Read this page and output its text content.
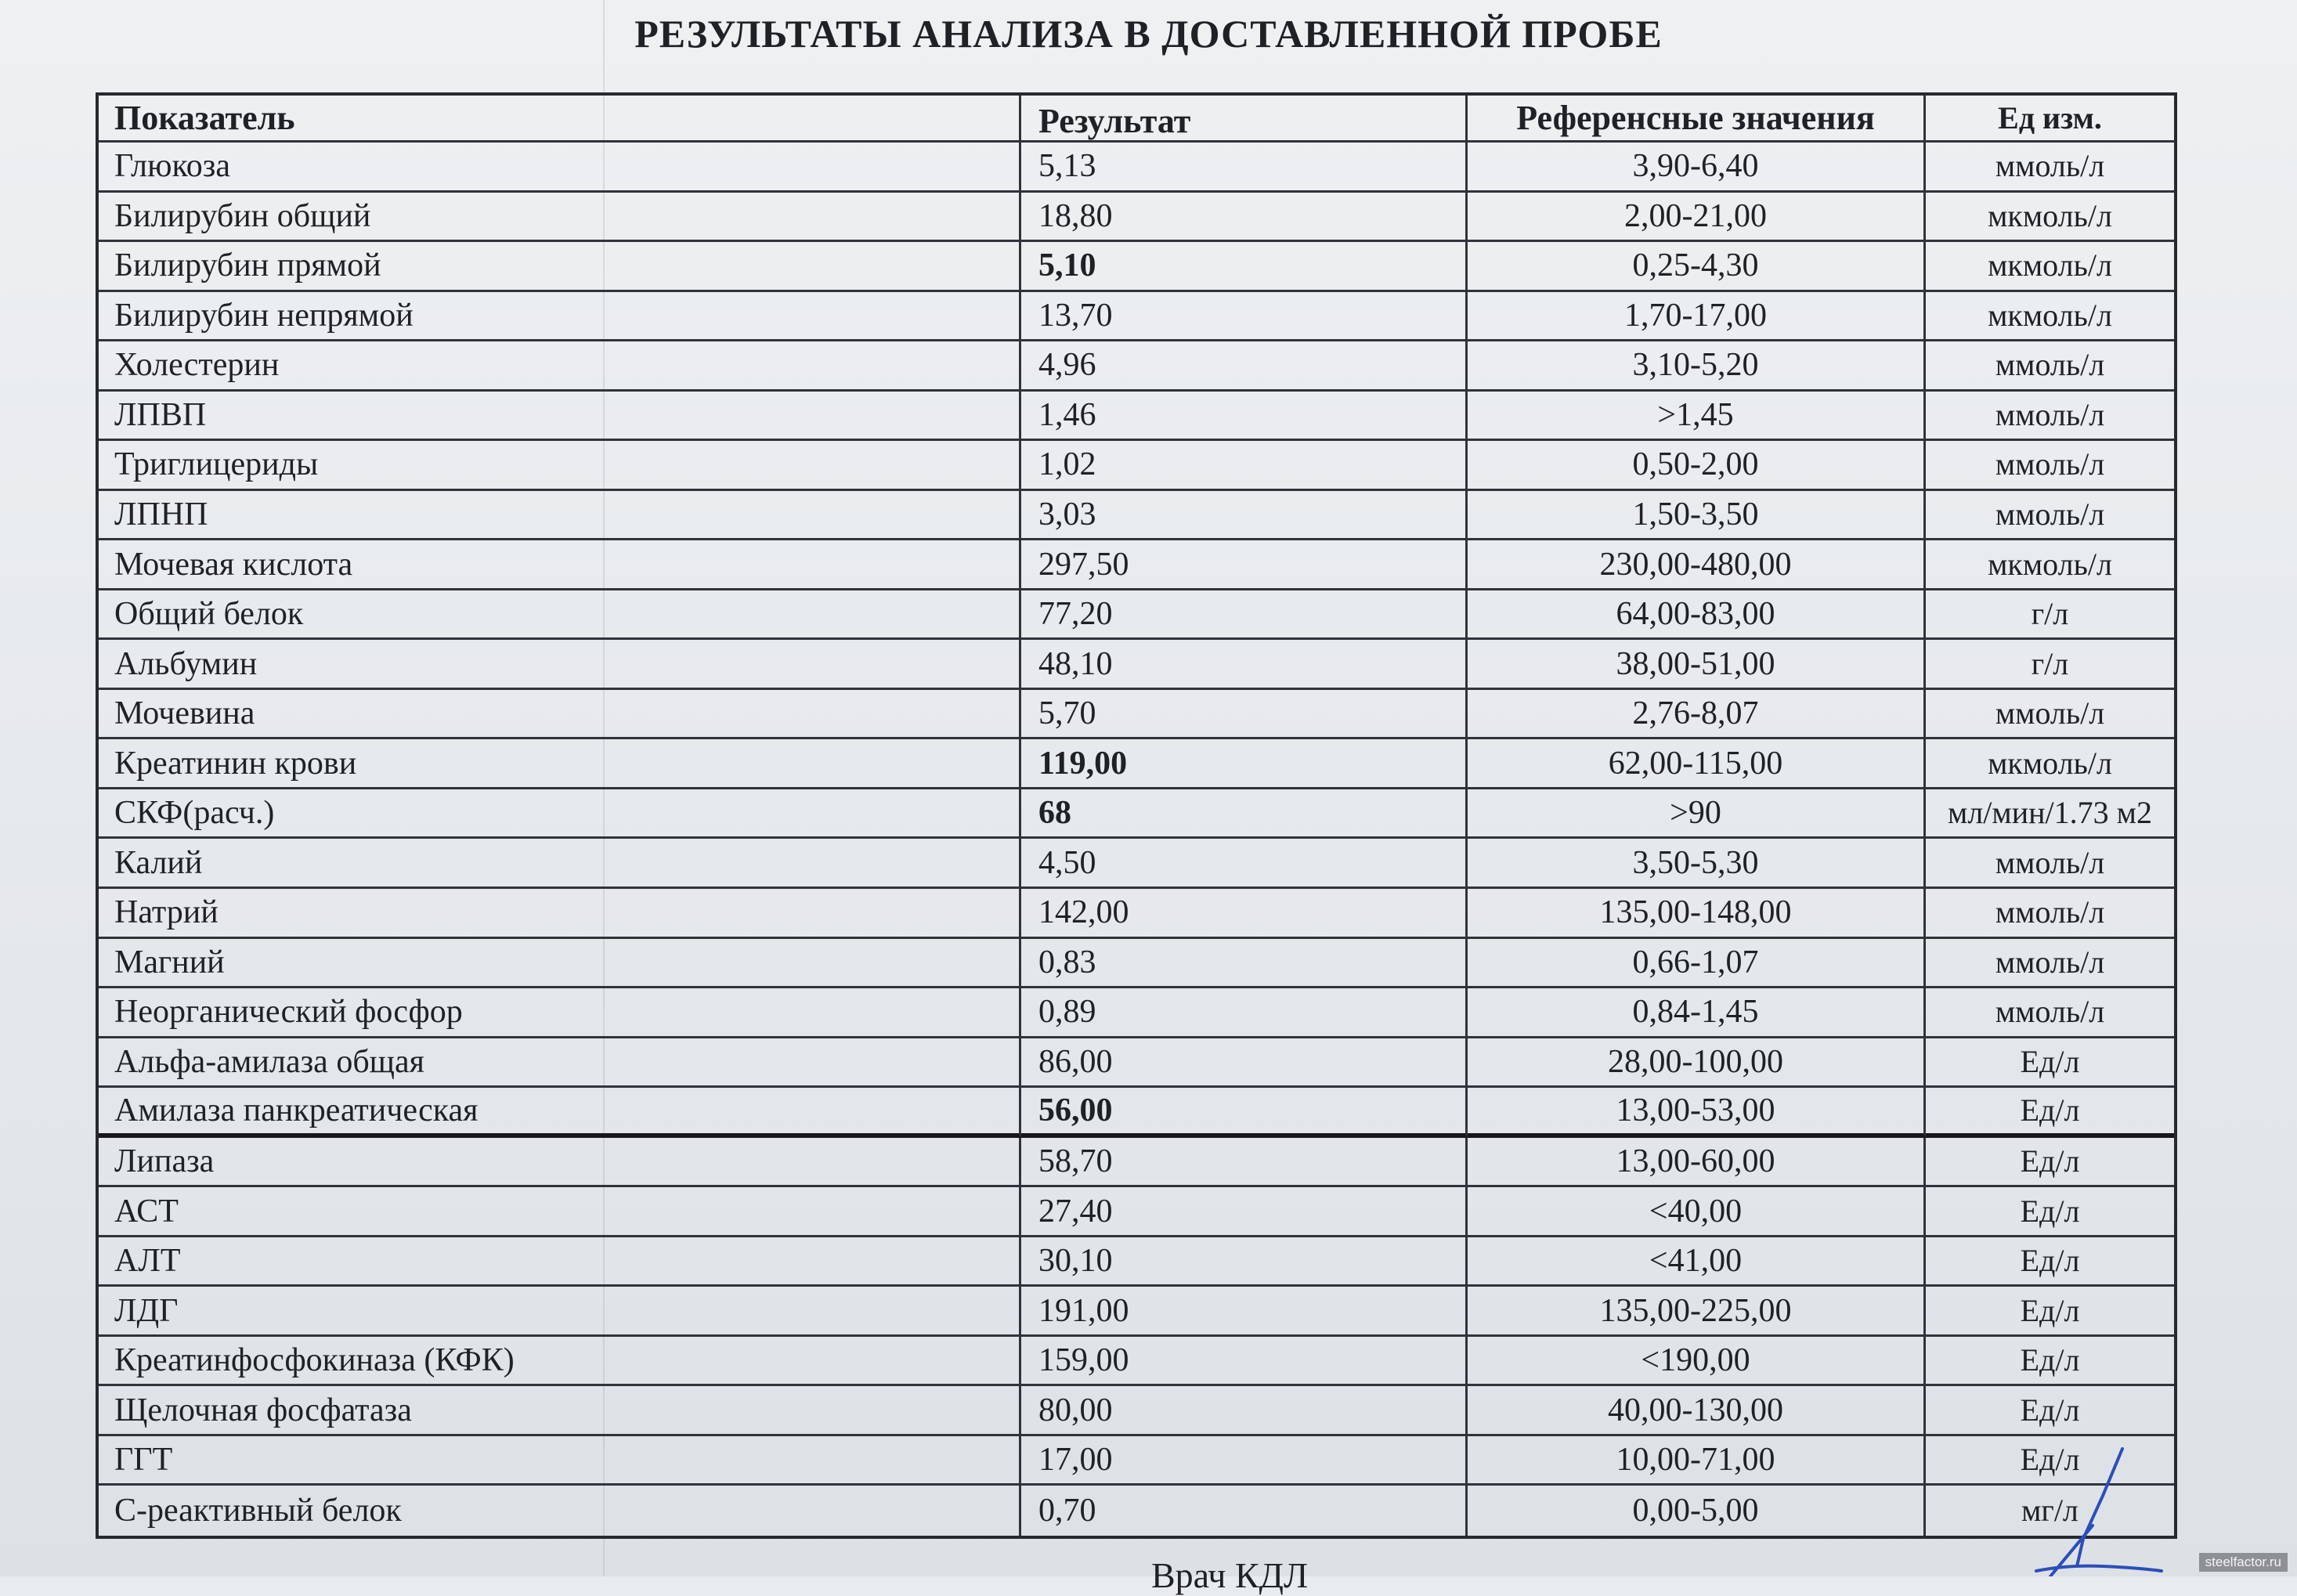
РЕЗУЛЬТАТЫ АНАЛИЗА В ДОСТАВЛЕННОЙ ПРОБЕ
Показатель	Результат	Референсные значения	Ед изм.
Глюкоза	5,13	3,90-6,40	ммоль/л
Билирубин общий	18,80	2,00-21,00	мкмоль/л
Билирубин прямой	5,10	0,25-4,30	мкмоль/л
Билирубин непрямой	13,70	1,70-17,00	мкмоль/л
Холестерин	4,96	3,10-5,20	ммоль/л
ЛПВП	1,46	>1,45	ммоль/л
Триглицериды	1,02	0,50-2,00	ммоль/л
ЛПНП	3,03	1,50-3,50	ммоль/л
Мочевая кислота	297,50	230,00-480,00	мкмоль/л
Общий белок	77,20	64,00-83,00	г/л
Альбумин	48,10	38,00-51,00	г/л
Мочевина	5,70	2,76-8,07	ммоль/л
Креатинин крови	119,00	62,00-115,00	мкмоль/л
СКФ(расч.)	68	>90	мл/мин/1.73 м2
Калий	4,50	3,50-5,30	ммоль/л
Натрий	142,00	135,00-148,00	ммоль/л
Магний	0,83	0,66-1,07	ммоль/л
Неорганический фосфор	0,89	0,84-1,45	ммоль/л
Альфа-амилаза общая	86,00	28,00-100,00	Ед/л
Амилаза панкреатическая	56,00	13,00-53,00	Ед/л
Липаза	58,70	13,00-60,00	Ед/л
АСТ	27,40	<40,00	Ед/л
АЛТ	30,10	<41,00	Ед/л
ЛДГ	191,00	135,00-225,00	Ед/л
Креатинфосфокиназа (КФК)	159,00	<190,00	Ед/л
Щелочная фосфатаза	80,00	40,00-130,00	Ед/л
ГГТ	17,00	10,00-71,00	Ед/л
С-реактивный белок	0,70	0,00-5,00	мг/л
Врач КДЛ	steelfactor.ru
